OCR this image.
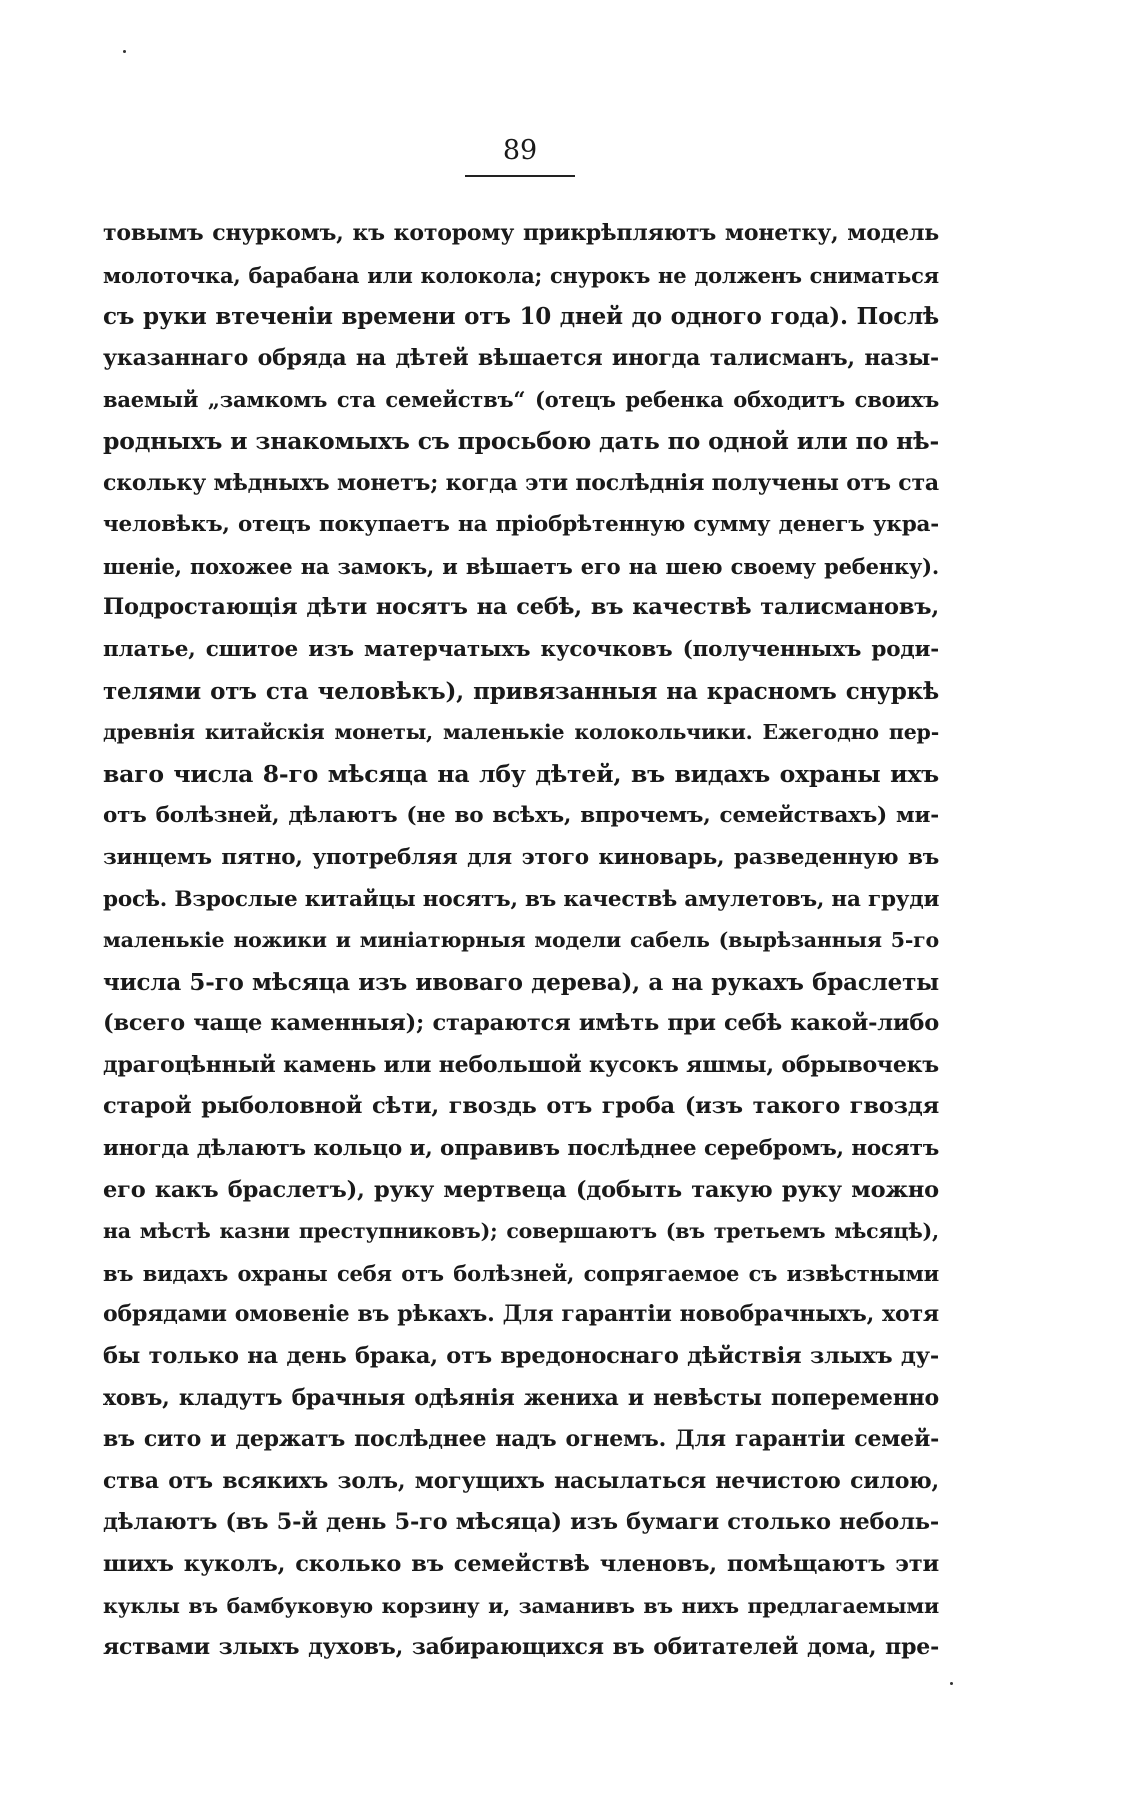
89
товымъ снуркомъ, къ которому прикрѣпляютъ монетку, модель
молоточка, барабана или колокола; снурокъ не долженъ сниматься
съ руки втеченіи времени отъ 10 дней до одного года). Послѣ
указаннаго обряда на дѣтей вѣшается иногда талисманъ, назы-
ваемый „замкомъ ста семействъ“ (отецъ ребенка обходитъ своихъ
родныхъ и знакомыхъ съ просьбою дать по одной или по нѣ-
скольку мѣдныхъ монетъ; когда эти послѣднія получены отъ ста
человѣкъ, отецъ покупаетъ на пріобрѣтенную сумму денегъ укра-
шеніе, похожее на замокъ, и вѣшаетъ его на шею своему ребенку).
Подростающія дѣти носятъ на себѣ, въ качествѣ талисмановъ,
платье, сшитое изъ матерчатыхъ кусочковъ (полученныхъ роди-
телями отъ ста человѣкъ), привязанныя на красномъ снуркѣ
древнія китайскія монеты, маленькіе колокольчики. Ежегодно пер-
ваго числа 8-го мѣсяца на лбу дѣтей, въ видахъ охраны ихъ
отъ болѣзней, дѣлаютъ (не во всѣхъ, впрочемъ, семействахъ) ми-
зинцемъ пятно, употребляя для этого киноварь, разведенную въ
росѣ. Взрослые китайцы носятъ, въ качествѣ амулетовъ, на груди
маленькіе ножики и миніатюрныя модели сабель (вырѣзанныя 5-го
числа 5-го мѣсяца изъ ивоваго дерева), а на рукахъ браслеты
(всего чаще каменныя); стараются имѣть при себѣ какой-либо
драгоцѣнный камень или небольшой кусокъ яшмы, обрывочекъ
старой рыболовной сѣти, гвоздь отъ гроба (изъ такого гвоздя
иногда дѣлаютъ кольцо и, оправивъ послѣднее серебромъ, носятъ
его какъ браслетъ), руку мертвеца (добыть такую руку можно
на мѣстѣ казни преступниковъ); совершаютъ (въ третьемъ мѣсяцѣ),
въ видахъ охраны себя отъ болѣзней, сопрягаемое съ извѣстными
обрядами омовеніе въ рѣкахъ. Для гарантіи новобрачныхъ, хотя
бы только на день брака, отъ вредоноснаго дѣйствія злыхъ ду-
ховъ, кладутъ брачныя одѣянія жениха и невѣсты попеременно
въ сито и держатъ послѣднее надъ огнемъ. Для гарантіи семей-
ства отъ всякихъ золъ, могущихъ насылаться нечистою силою,
дѣлаютъ (въ 5-й день 5-го мѣсяца) изъ бумаги столько неболь-
шихъ куколъ, сколько въ семействѣ членовъ, помѣщаютъ эти
куклы въ бамбуковую корзину и, заманивъ въ нихъ предлагаемыми
яствами злыхъ духовъ, забирающихся въ обитателей дома, пре-
